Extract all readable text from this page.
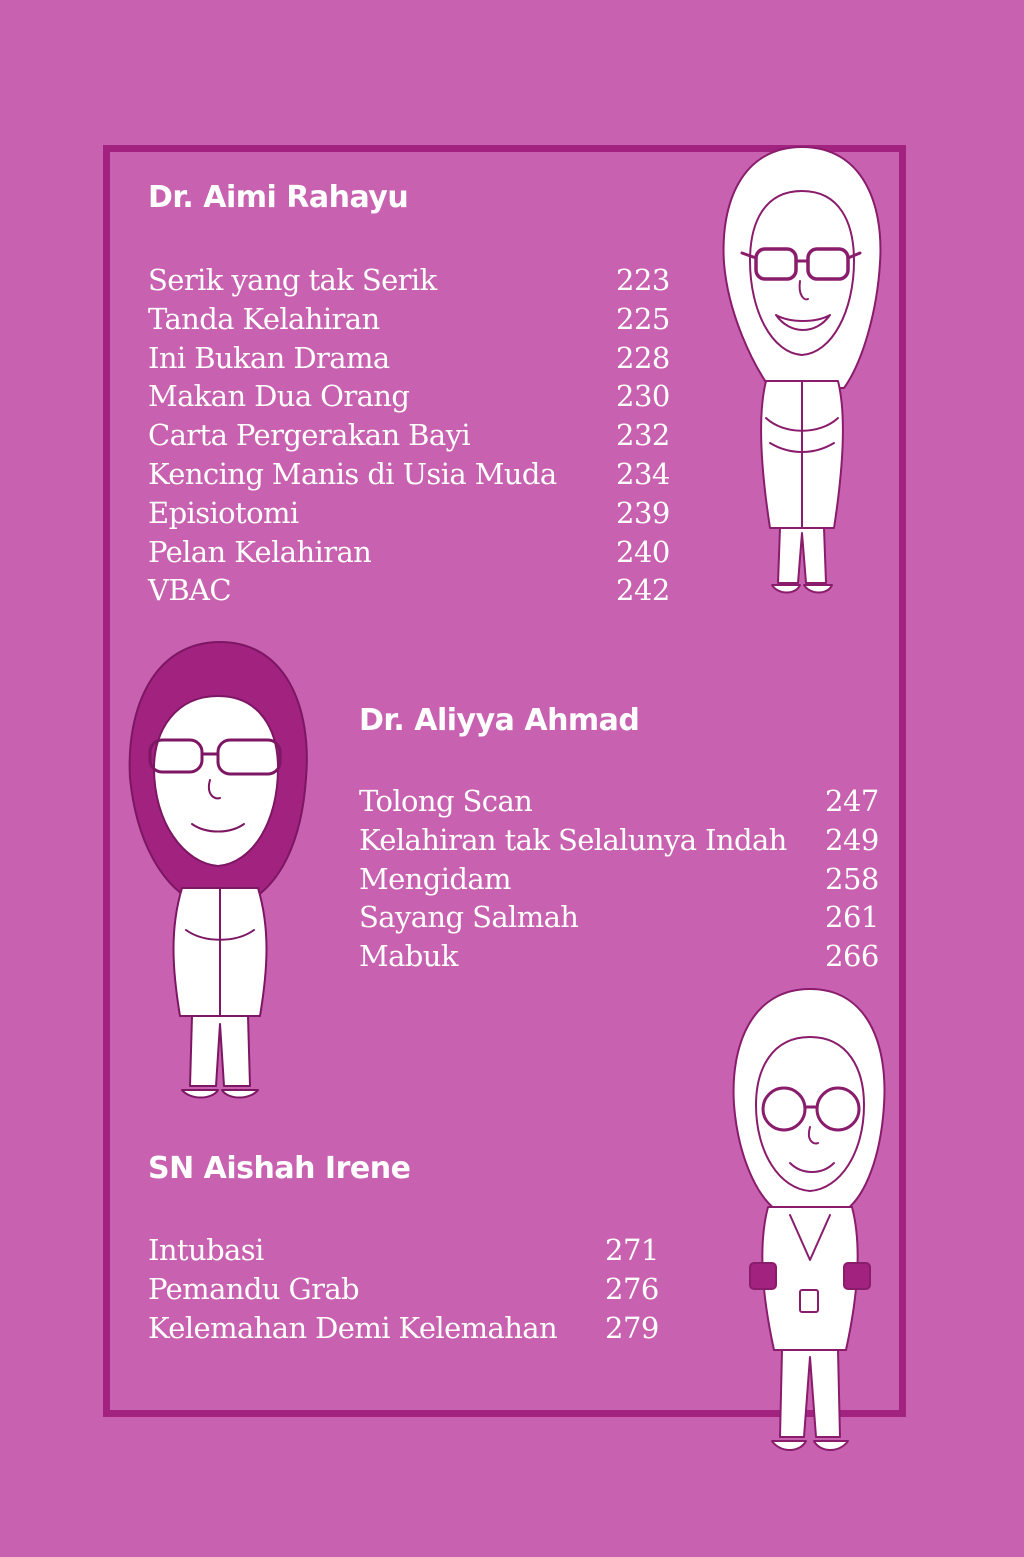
Dr. Aimi Rahayu
Serik yang tak Serik	223
Tanda Kelahiran	225
Ini Bukan Drama	228
Makan Dua Orang	230
Carta Pergerakan Bayi	232
Kencing Manis di Usia Muda 234
Episiotomi	239
Pelan Kelahiran	240
VBAC	242
Dr. Aliyya Ahmad
Tolong Scan	247
Kelahiran tak Selalunya Indah 249
Mengidam	258
Sayang Salmah	261
Mabuk	266
SN Aishah Irene
Intubasi	271
Pemandu Grab	276
Kelemahan Demi Kelemahan 279
